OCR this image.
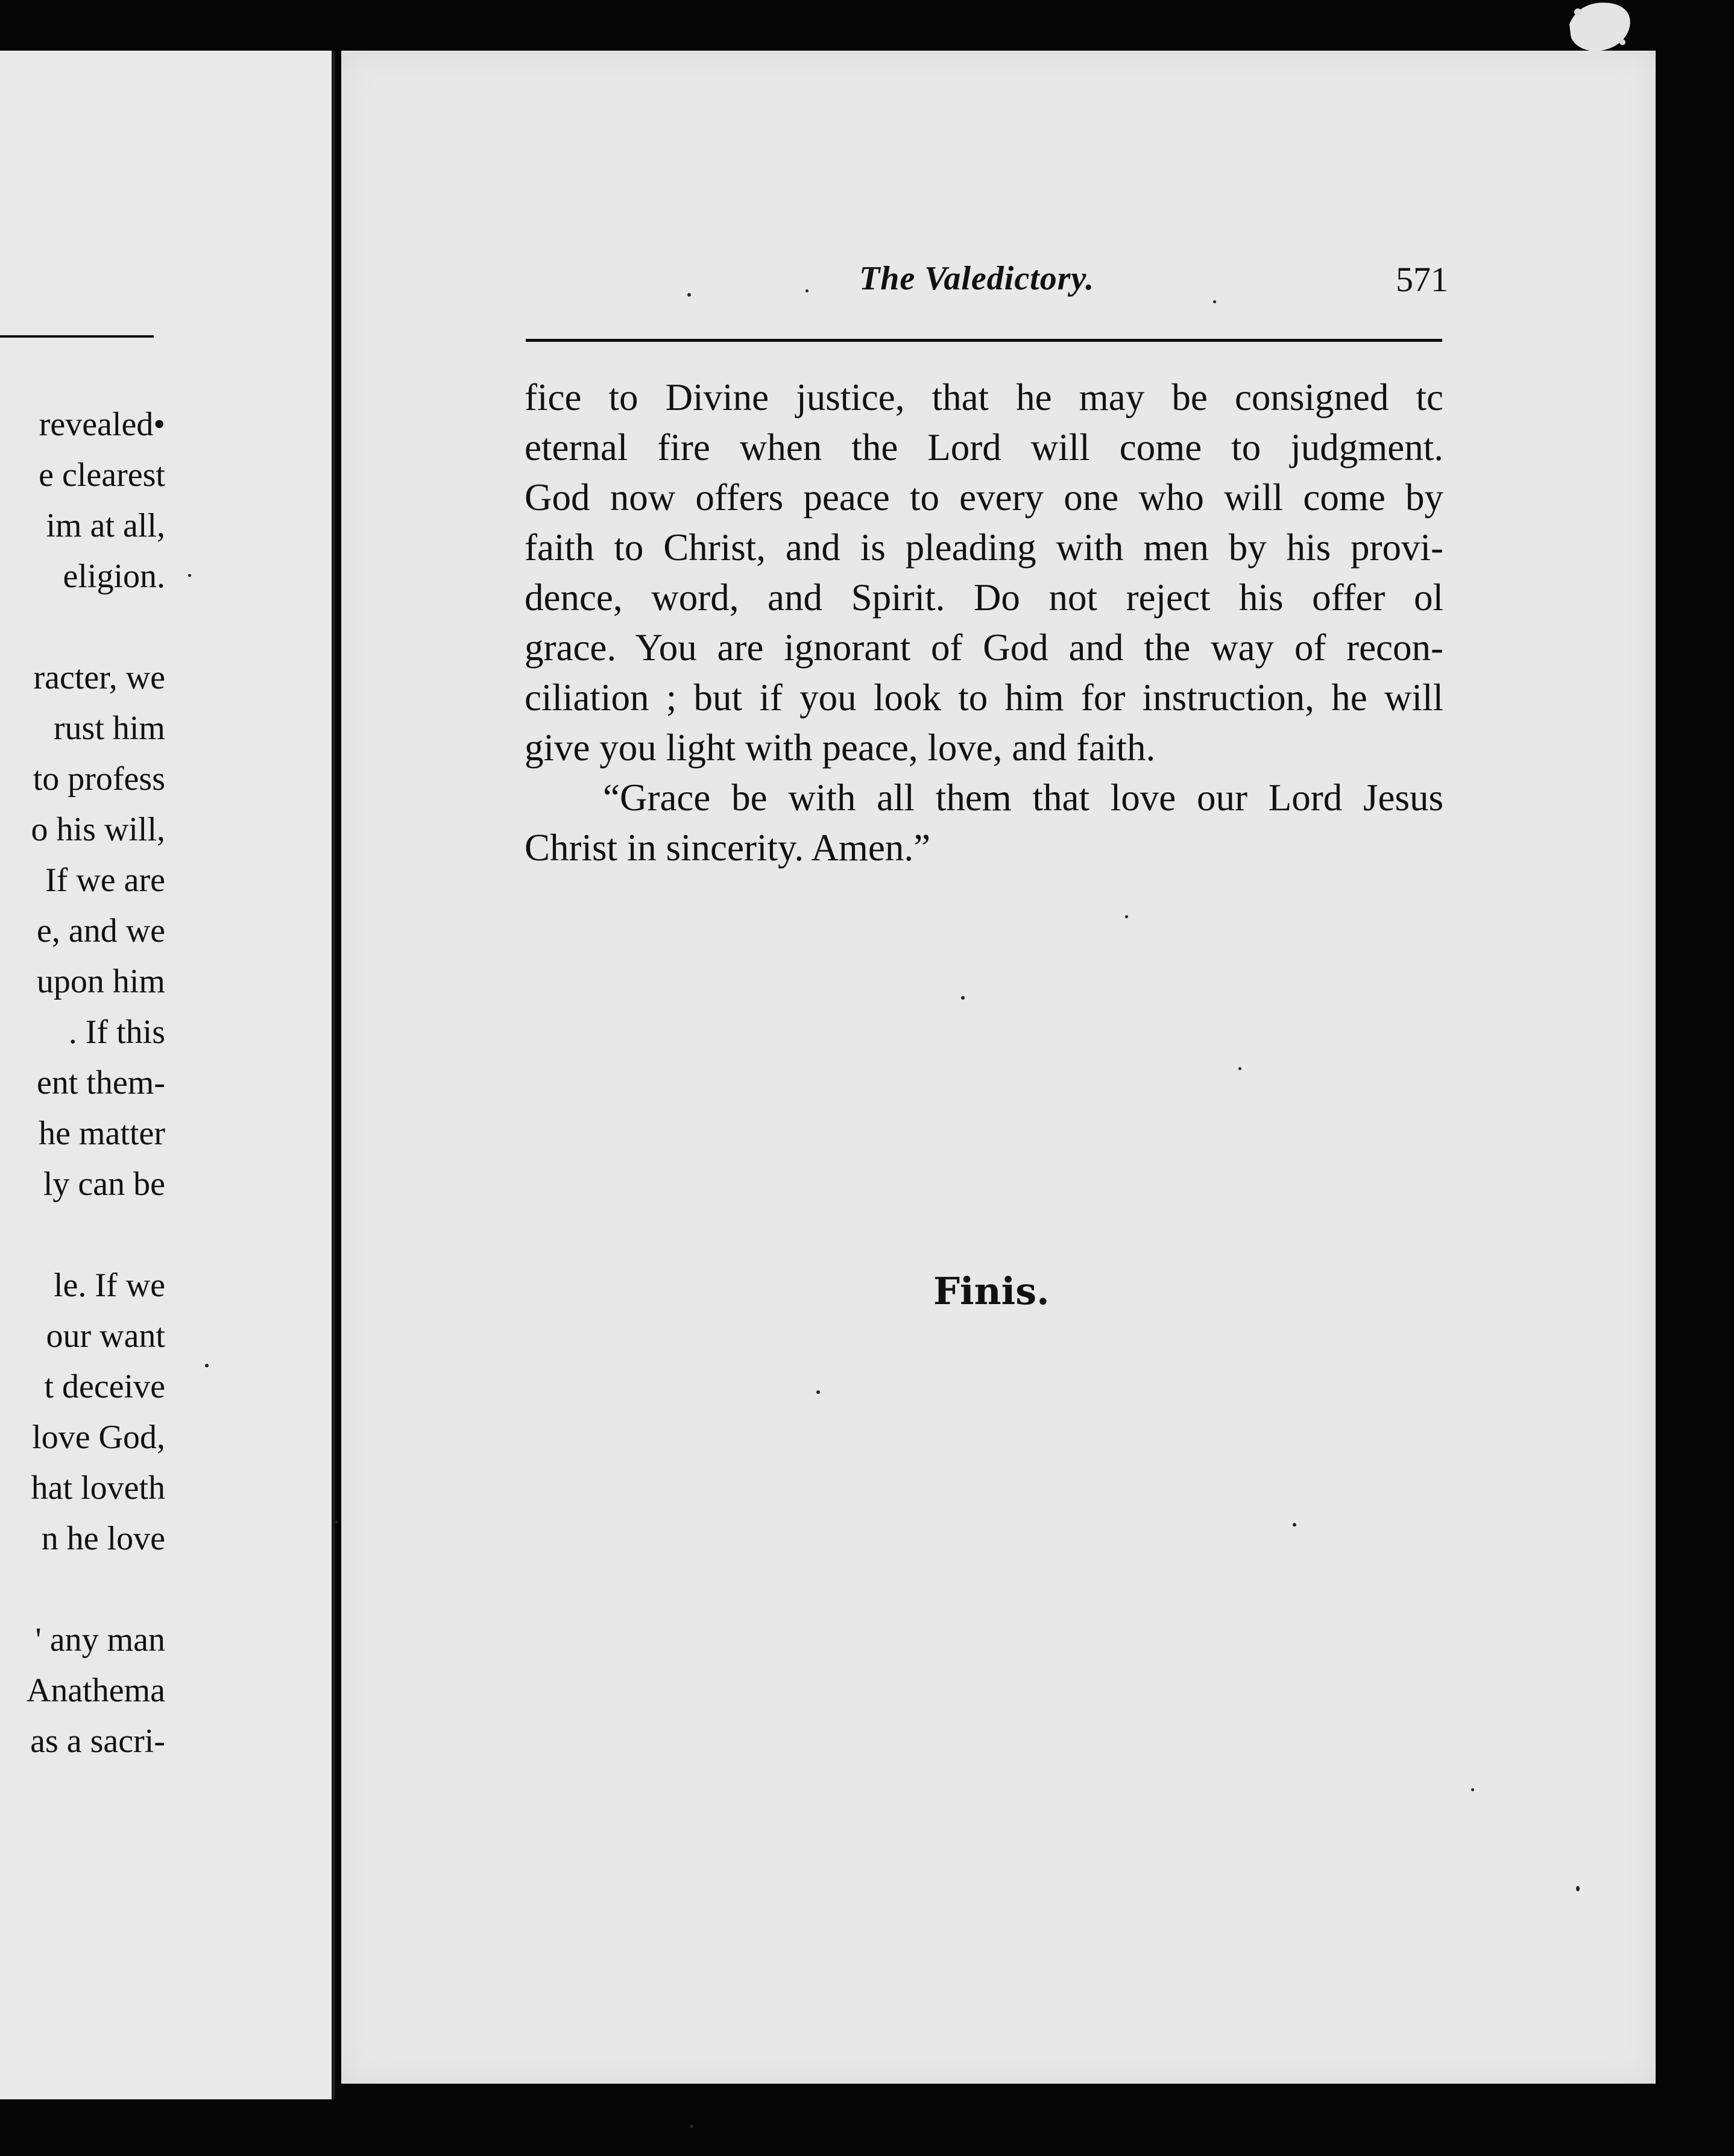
revealed•
e clearest
im at all,
eligion.
racter, we
rust him
to profess
o his will,
If we are
e, and we
upon him
. If this
ent them-
he matter
ly can be
le. If we
our want
t deceive
love God,
hat loveth
n he love
' any man
Anathema
as a sacri-
The Valedictory.	571
fice to Divine justice, that he may be consigned tc
eternal fire when the Lord will come to judgment.
God now offers peace to every one who will come by
faith to Christ, and is pleading with men by his provi-
dence, word, and Spirit. Do not reject his offer ol
grace. You are ignorant of God and the way of recon-
ciliation ; but if you look to him for instruction, he will
give you light with peace, love, and faith.
“Grace be with all them that love our Lord Jesus
Christ in sincerity. Amen.”
Finis.
